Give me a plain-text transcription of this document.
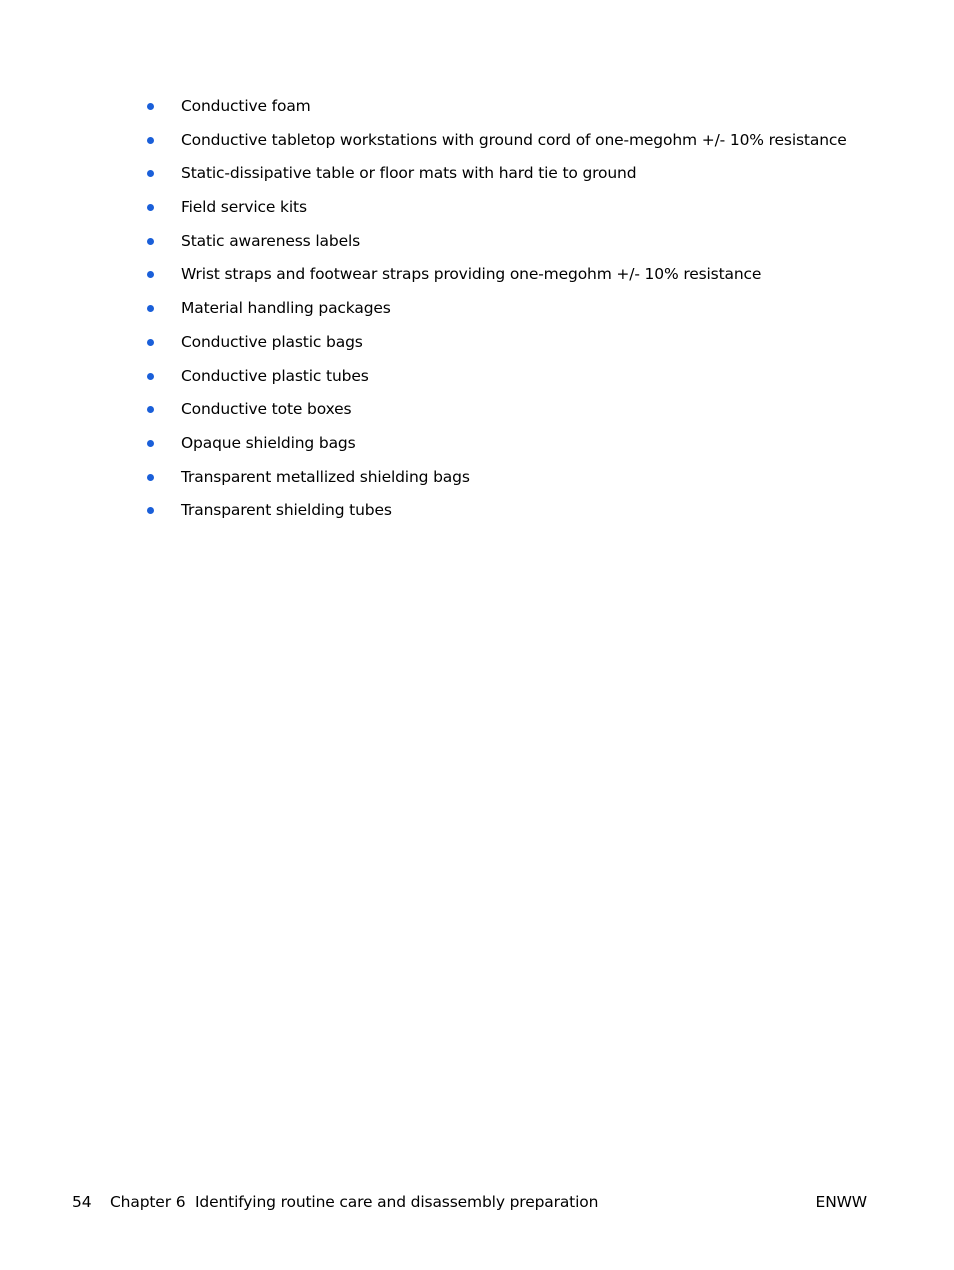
Conductive foam
Conductive tabletop workstations with ground cord of one-megohm +/- 10% resistance
Static-dissipative table or floor mats with hard tie to ground
Field service kits
Static awareness labels
Wrist straps and footwear straps providing one-megohm +/- 10% resistance
Material handling packages
Conductive plastic bags
Conductive plastic tubes
Conductive tote boxes
Opaque shielding bags
Transparent metallized shielding bags
Transparent shielding tubes
54 Chapter 6 Identifying routine care and disassembly preparation	ENWW
